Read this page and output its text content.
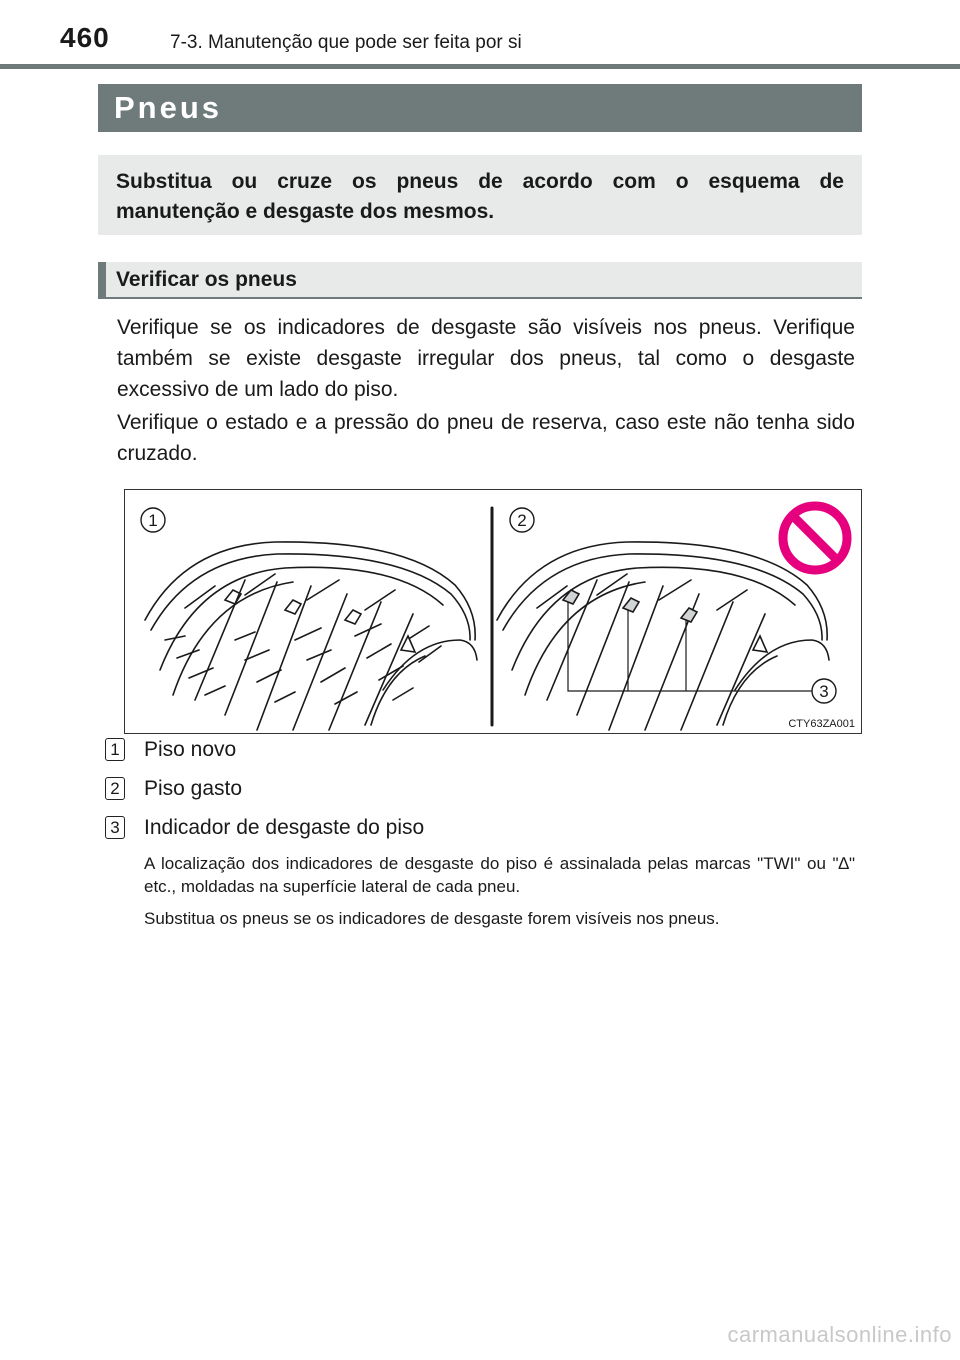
460	7-3. Manutenção que pode ser feita por si
Pneus
Substitua ou cruze os pneus de acordo com o esquema de
manutenção e desgaste dos mesmos.
Verificar os pneus
Verifique se os indicadores de desgaste são visíveis nos pneus. Verifique também se existe desgaste irregular dos pneus, tal como o desgaste excessivo de um lado do piso.
Verifique o estado e a pressão do pneu de reserva, caso este não tenha sido cruzado.
1	2
3
CTY63ZA001
1 Piso novo
2 Piso gasto
3 Indicador de desgaste do piso
A localização dos indicadores de desgaste do piso é assinalada pelas marcas "TWI" ou "∆" etc., moldadas na superfície lateral de cada pneu.
Substitua os pneus se os indicadores de desgaste forem visíveis nos pneus.
carmanualsonline.info
